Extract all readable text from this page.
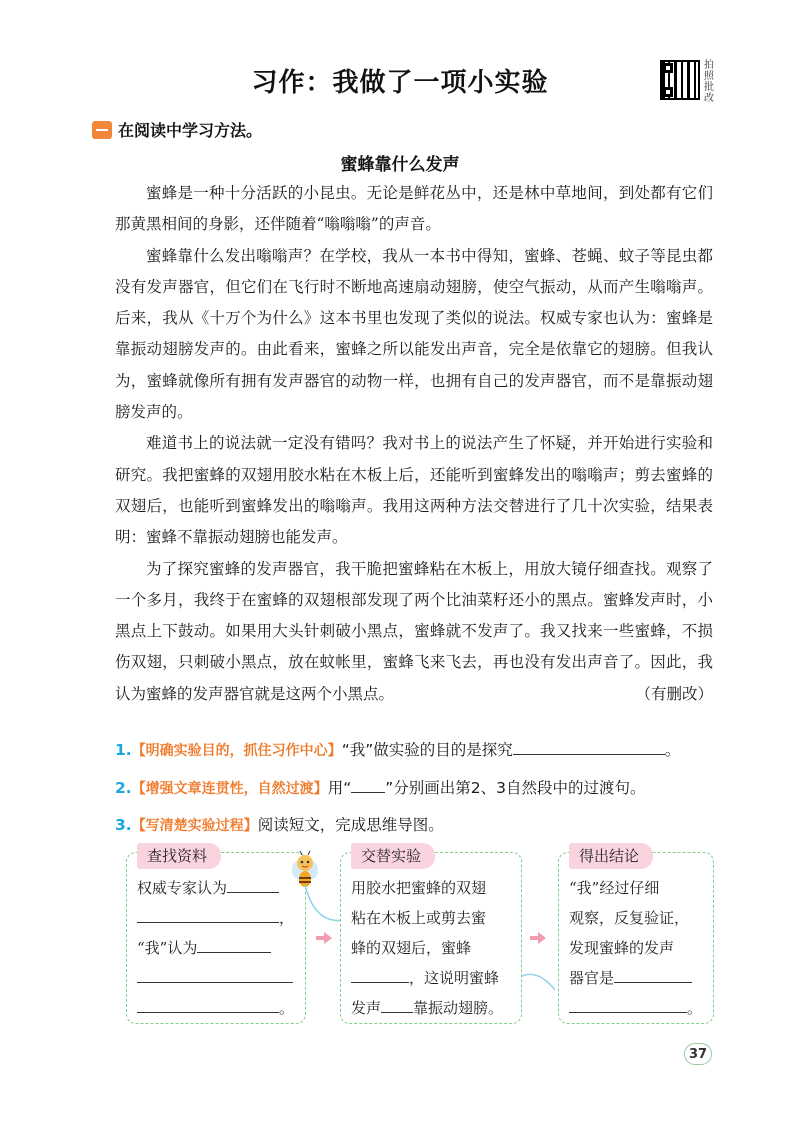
习作：我做了一项小实验
拍照批改
在阅读中学习方法。
蜜蜂靠什么发声

蜜蜂是一种十分活跃的小昆虫。无论是鲜花丛中，还是林中草地间，到处都有它们那黄黑相间的身影，还伴随着“嗡嗡嗡”的声音。

蜜蜂靠什么发出嗡嗡声？在学校，我从一本书中得知，蜜蜂、苍蝇、蚊子等昆虫都没有发声器官，但它们在飞行时不断地高速扇动翅膀，使空气振动，从而产生嗡嗡声。后来，我从《十万个为什么》这本书里也发现了类似的说法。权威专家也认为：蜜蜂是靠振动翅膀发声的。由此看来，蜜蜂之所以能发出声音，完全是依靠它的翅膀。但我认为，蜜蜂就像所有拥有发声器官的动物一样，也拥有自己的发声器官，而不是靠振动翅膀发声的。

难道书上的说法就一定没有错吗？我对书上的说法产生了怀疑，并开始进行实验和研究。我把蜜蜂的双翅用胶水粘在木板上后，还能听到蜜蜂发出的嗡嗡声；剪去蜜蜂的双翅后，也能听到蜜蜂发出的嗡嗡声。我用这两种方法交替进行了几十次实验，结果表明：蜜蜂不靠振动翅膀也能发声。

为了探究蜜蜂的发声器官，我干脆把蜜蜂粘在木板上，用放大镜仔细查找。观察了一个多月，我终于在蜜蜂的双翅根部发现了两个比油菜籽还小的黑点。蜜蜂发声时，小黑点上下鼓动。如果用大头针刺破小黑点，蜜蜂就不发声了。我又找来一些蜜蜂，不损伤双翅，只刺破小黑点，放在蚊帐里，蜜蜂飞来飞去，再也没有发出声音了。因此，我认为蜜蜂的发声器官就是这两个小黑点。	（有删改）

1.【明确实验目的，抓住习作中心】“我”做实验的目的是探究	。
2.【增强文章连贯性，自然过渡】用“ ”分别画出第2、3自然段中的过渡句。
3.【写清楚实验过程】阅读短文，完成思维导图。
查找资料
权威专家认为
，
“我”认为
。
交替实验
用胶水把蜜蜂的双翅
粘在木板上或剪去蜜
蜂的双翅后，蜜蜂
，这说明蜜蜂
发声 靠振动翅膀。
得出结论
“我”经过仔细
观察，反复验证，
发现蜜蜂的发声
器官是
。
37
